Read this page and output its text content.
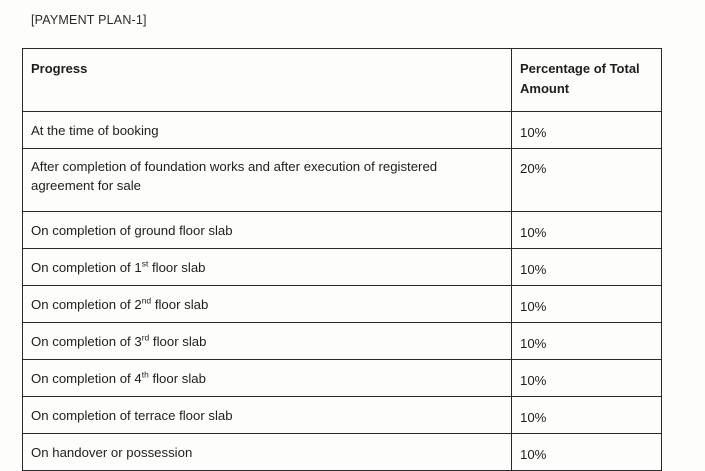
[PAYMENT PLAN-1]
Progress	Percentage of Total Amount
At the time of booking	10%
After completion of foundation works and after execution of registered agreement for sale	20%
On completion of ground floor slab	10%
On completion of 1st floor slab	10%
On completion of 2nd floor slab	10%
On completion of 3rd floor slab	10%
On completion of 4th floor slab	10%
On completion of terrace floor slab	10%
On handover or possession	10%
